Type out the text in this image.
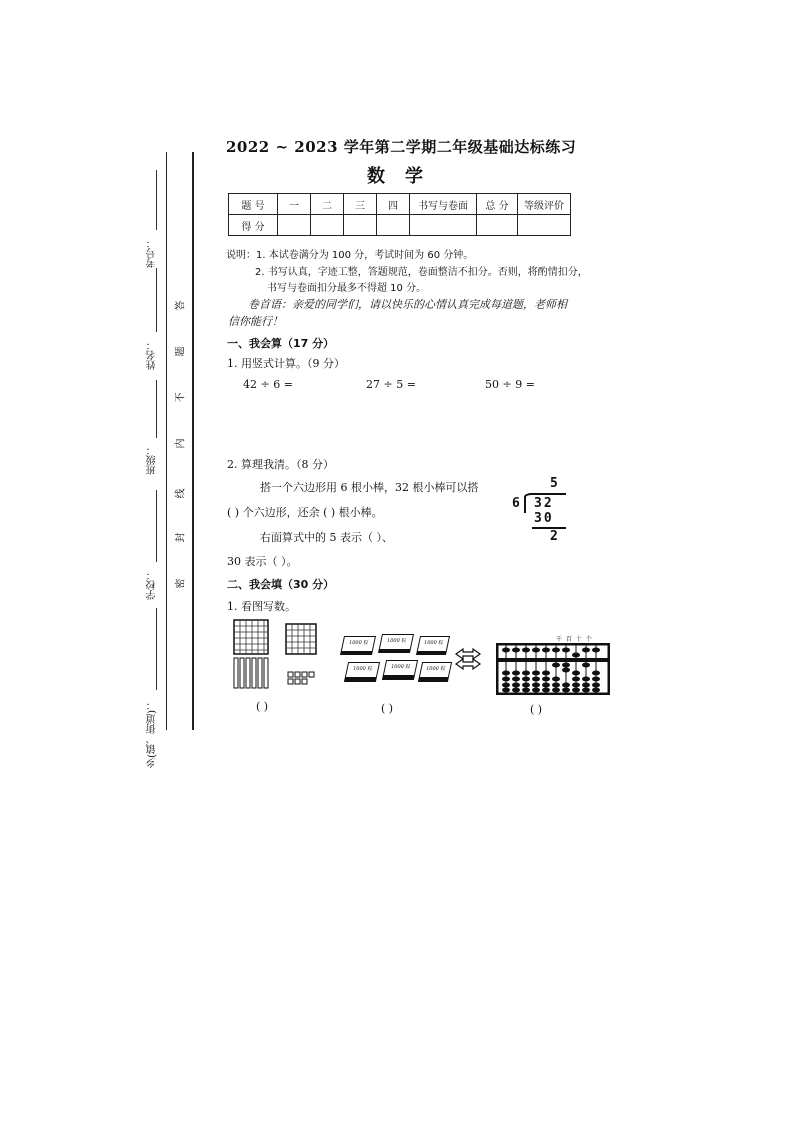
考号：
姓名：
班级：
学校：
乡(镇、街道)：
答
题
不
内
线
封
密
2022 ~ 2023 学年第二学期二年级基础达标练习
数学
题 号	一	二	三	四	书写与卷面	总 分	等级评价
得 分							
说明：1. 本试卷满分为 100 分，考试时间为 60 分钟。
2. 书写认真，字迹工整，答题规范，卷面整洁不扣分。否则，将酌情扣分，
书写与卷面扣分最多不得超 10 分。
卷首语：亲爱的同学们，请以快乐的心情认真完成每道题，老师相
信你能行！
一、我会算（17 分）
1. 用竖式计算。（9 分）
42 ÷ 6 =	27 ÷ 5 =	50 ÷ 9 =
2. 算理我清。（8 分）
搭一个六边形用 6 根小棒，32 根小棒可以搭
( ) 个六边形，还余 ( ) 根小棒。
右面算式中的 5 表示（ ）、
30 表示（ ）。
5
6 32
30
2
二、我会填（30 分）
1. 看图写数。
( )
1000 粒	1000 粒	1000 粒
1000 粒	1000 粒	1000 粒
( )
千 百 十 个
( )
